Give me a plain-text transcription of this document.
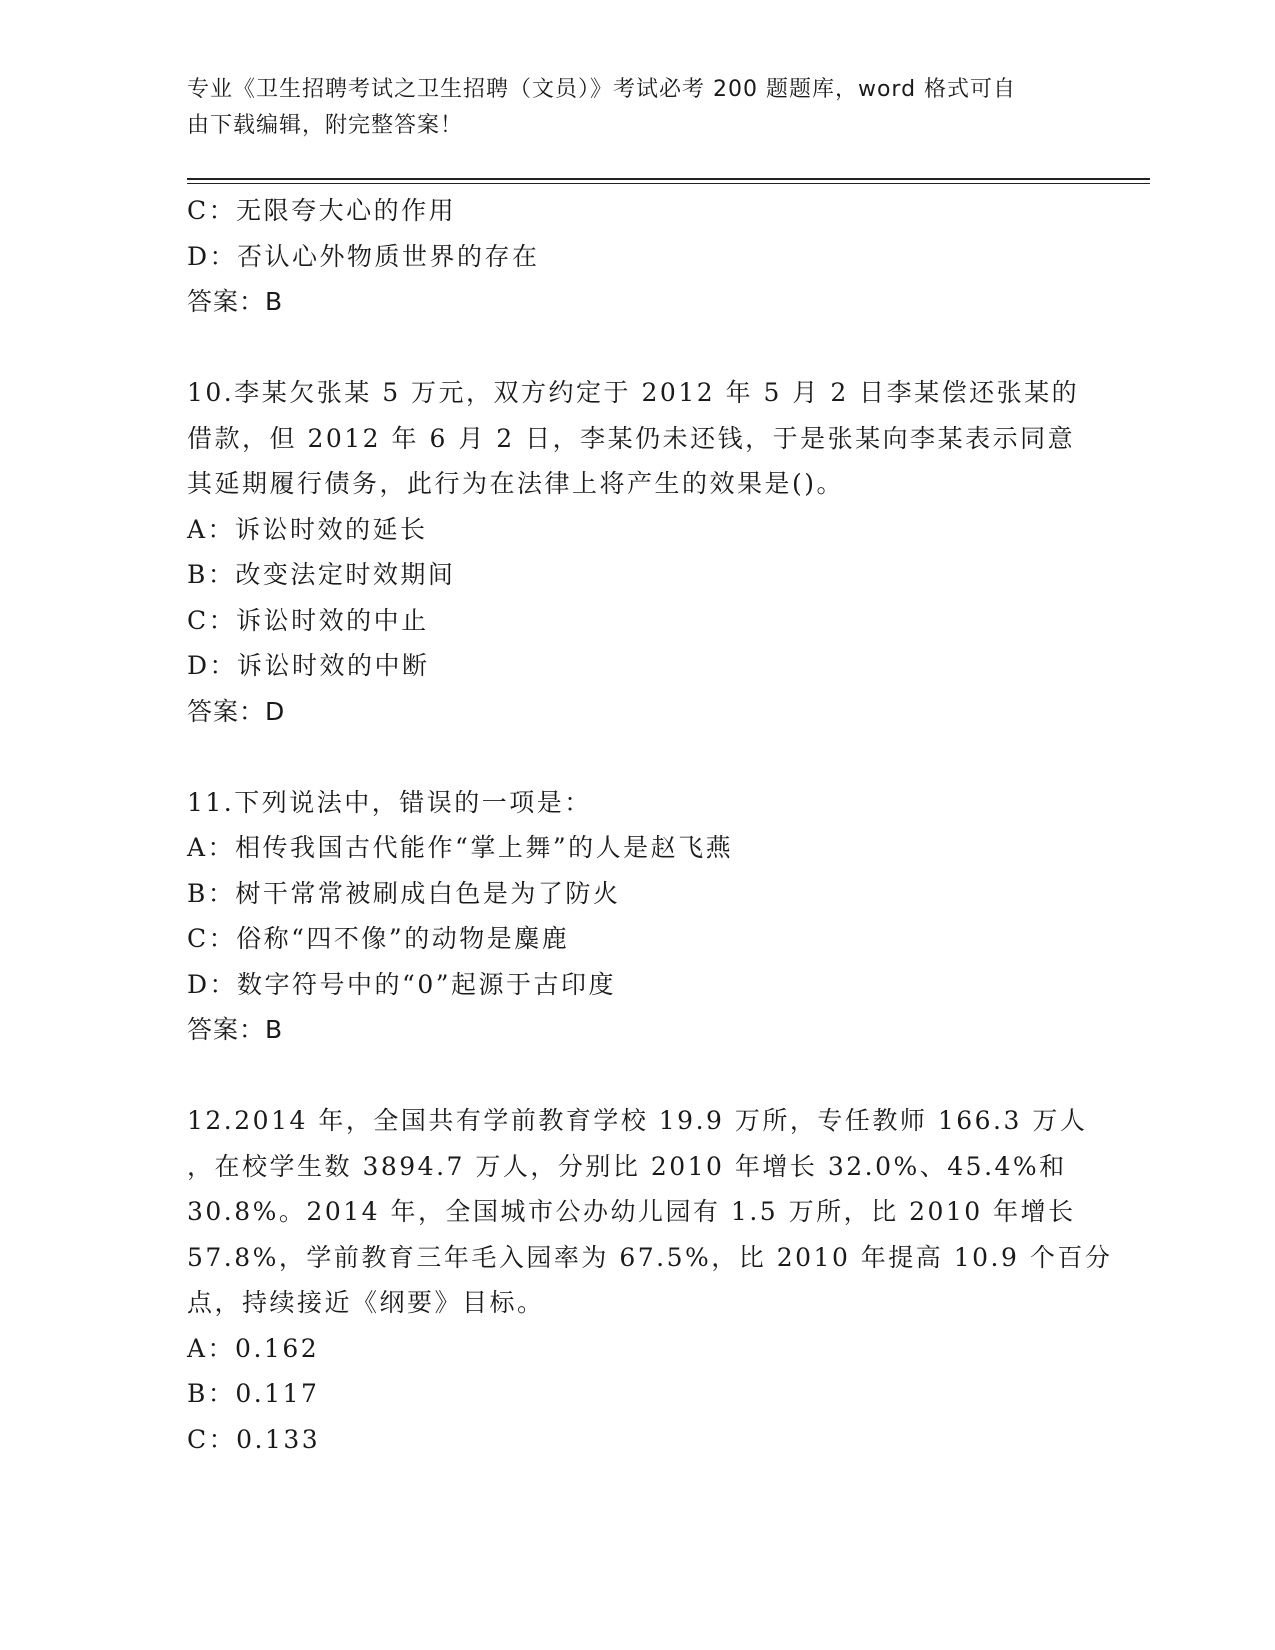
专业《卫生招聘考试之卫生招聘（文员）》考试必考 200 题题库，word 格式可自
由下载编辑，附完整答案！
C：无限夸大心的作用
D：否认心外物质世界的存在
答案：B
10.李某欠张某 5 万元，双方约定于 2012 年 5 月 2 日李某偿还张某的
借款，但 2012 年 6 月 2 日，李某仍未还钱，于是张某向李某表示同意
其延期履行债务，此行为在法律上将产生的效果是()。
A：诉讼时效的延长
B：改变法定时效期间
C：诉讼时效的中止
D：诉讼时效的中断
答案：D
11.下列说法中，错误的一项是：
A：相传我国古代能作“掌上舞”的人是赵飞燕
B：树干常常被刷成白色是为了防火
C：俗称“四不像”的动物是麋鹿
D：数字符号中的“0”起源于古印度
答案：B
12.2014 年，全国共有学前教育学校 19.9 万所，专任教师 166.3 万人
，在校学生数 3894.7 万人，分别比 2010 年增长 32.0%、45.4%和
30.8%。2014 年，全国城市公办幼儿园有 1.5 万所，比 2010 年增长
57.8%，学前教育三年毛入园率为 67.5%，比 2010 年提高 10.9 个百分
点，持续接近《纲要》目标。
A：0.162
B：0.117
C：0.133
